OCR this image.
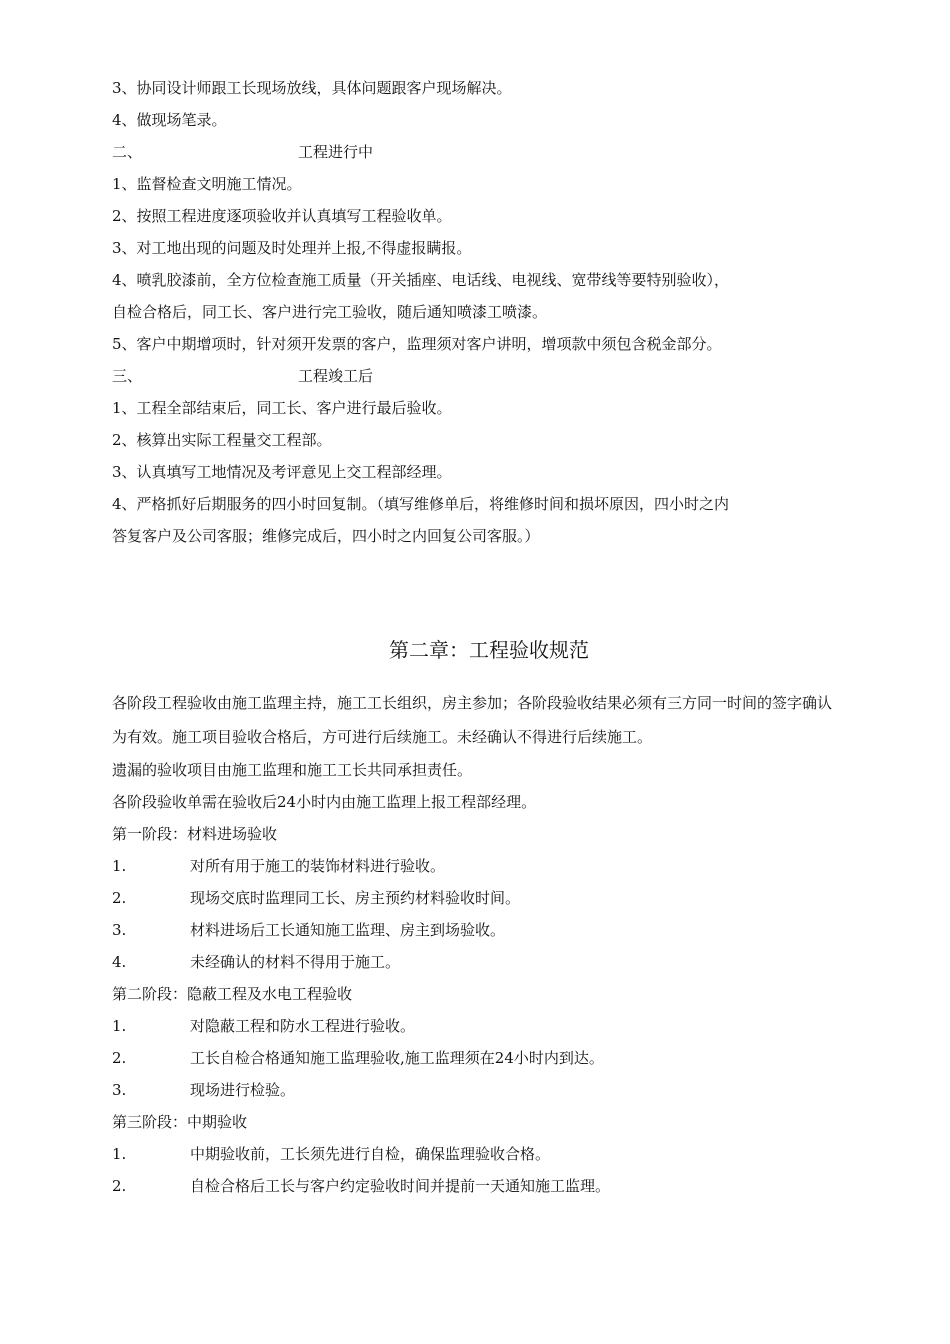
3、协同设计师跟工长现场放线，具体问题跟客户现场解决。
4、做现场笔录。
二、	工程进行中
1、监督检查文明施工情况。
2、按照工程进度逐项验收并认真填写工程验收单。
3、对工地出现的问题及时处理并上报,不得虚报瞒报。
4、喷乳胶漆前，全方位检查施工质量（开关插座、电话线、电视线、宽带线等要特别验收），
自检合格后，同工长、客户进行完工验收，随后通知喷漆工喷漆。
5、客户中期增项时，针对须开发票的客户，监理须对客户讲明，增项款中须包含税金部分。
三、	工程竣工后
1、工程全部结束后，同工长、客户进行最后验收。
2、核算出实际工程量交工程部。
3、认真填写工地情况及考评意见上交工程部经理。
4、严格抓好后期服务的四小时回复制。（填写维修单后，将维修时间和损坏原因，四小时之内
答复客户及公司客服；维修完成后，四小时之内回复公司客服。）
第二章：工程验收规范
各阶段工程验收由施工监理主持，施工工长组织，房主参加；各阶段验收结果必须有三方同一时间的签字确认为有效。施工项目验收合格后，方可进行后续施工。未经确认不得进行后续施工。
遗漏的验收项目由施工监理和施工工长共同承担责任。
各阶段验收单需在验收后24小时内由施工监理上报工程部经理。
第一阶段：材料进场验收
1.	对所有用于施工的装饰材料进行验收。
2.	现场交底时监理同工长、房主预约材料验收时间。
3.	材料进场后工长通知施工监理、房主到场验收。
4.	未经确认的材料不得用于施工。
第二阶段：隐蔽工程及水电工程验收
1.	对隐蔽工程和防水工程进行验收。
2.	工长自检合格通知施工监理验收,施工监理须在24小时内到达。
3.	现场进行检验。
第三阶段：中期验收
1.	中期验收前，工长须先进行自检，确保监理验收合格。
2.	自检合格后工长与客户约定验收时间并提前一天通知施工监理。
